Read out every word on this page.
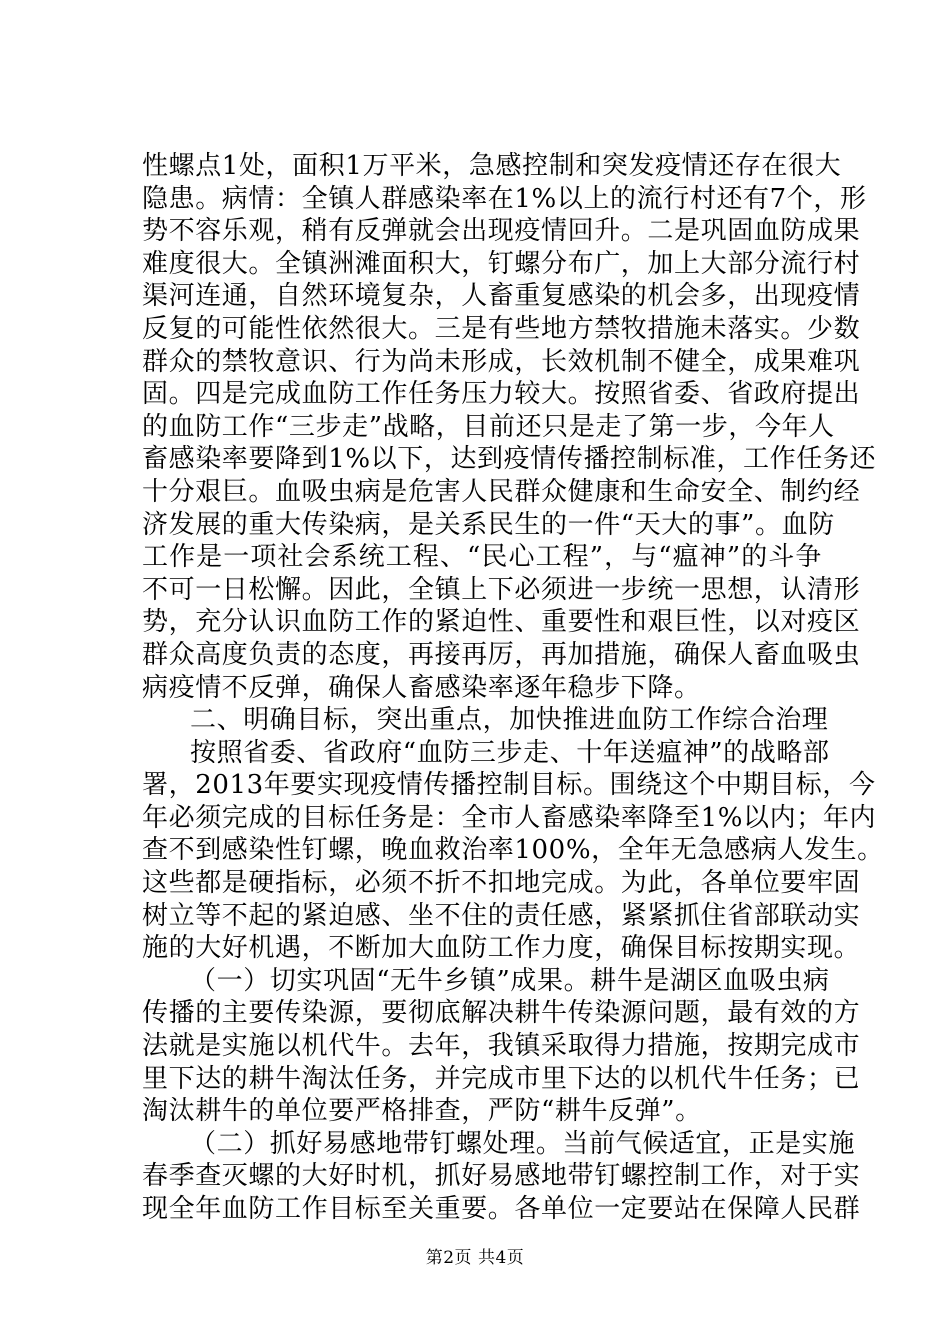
性螺点1处，面积1万平米，急感控制和突发疫情还存在很大
隐患。病情：全镇人群感染率在1%以上的流行村还有7个，形
势不容乐观，稍有反弹就会出现疫情回升。二是巩固血防成果
难度很大。全镇洲滩面积大，钉螺分布广，加上大部分流行村
渠河连通，自然环境复杂，人畜重复感染的机会多，出现疫情
反复的可能性依然很大。三是有些地方禁牧措施未落实。少数
群众的禁牧意识、行为尚未形成，长效机制不健全，成果难巩
固。四是完成血防工作任务压力较大。按照省委、省政府提出
的血防工作“三步走”战略，目前还只是走了第一步，今年人
畜感染率要降到1%以下，达到疫情传播控制标准，工作任务还
十分艰巨。血吸虫病是危害人民群众健康和生命安全、制约经
济发展的重大传染病，是关系民生的一件“天大的事”。血防
工作是一项社会系统工程、“民心工程”，与“瘟神”的斗争
不可一日松懈。因此，全镇上下必须进一步统一思想，认清形
势，充分认识血防工作的紧迫性、重要性和艰巨性，以对疫区
群众高度负责的态度，再接再厉，再加措施，确保人畜血吸虫
病疫情不反弹，确保人畜感染率逐年稳步下降。
二、明确目标，突出重点，加快推进血防工作综合治理
按照省委、省政府“血防三步走、十年送瘟神”的战略部
署，2013年要实现疫情传播控制目标。围绕这个中期目标，今
年必须完成的目标任务是：全市人畜感染率降至1%以内；年内
查不到感染性钉螺，晚血救治率100%，全年无急感病人发生。
这些都是硬指标，必须不折不扣地完成。为此，各单位要牢固
树立等不起的紧迫感、坐不住的责任感，紧紧抓住省部联动实
施的大好机遇，不断加大血防工作力度，确保目标按期实现。
（一）切实巩固“无牛乡镇”成果。耕牛是湖区血吸虫病
传播的主要传染源，要彻底解决耕牛传染源问题，最有效的方
法就是实施以机代牛。去年，我镇采取得力措施，按期完成市
里下达的耕牛淘汰任务，并完成市里下达的以机代牛任务；已
淘汰耕牛的单位要严格排查，严防“耕牛反弹”。
（二）抓好易感地带钉螺处理。当前气候适宜，正是实施
春季查灭螺的大好时机，抓好易感地带钉螺控制工作，对于实
现全年血防工作目标至关重要。各单位一定要站在保障人民群
第2页 共4页
